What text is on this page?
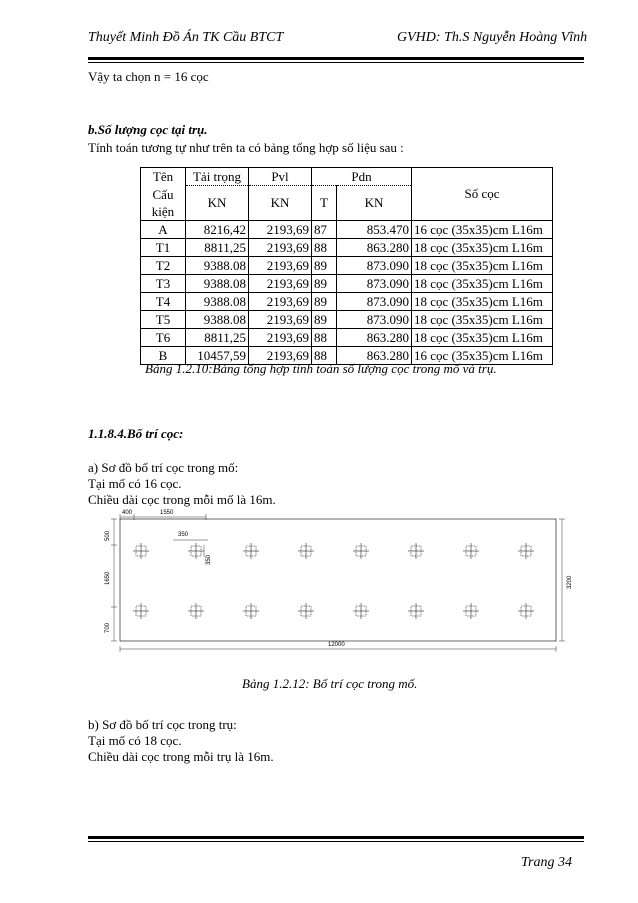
Thuyết Minh Đồ Án TK Cầu BTCT	GVHD: Th.S Nguyễn Hoàng Vĩnh
Vậy ta chọn n = 16 cọc
b.Số lượng cọc tại trụ.
Tính toán tương tự như trên ta có bảng tổng hợp số liệu sau :
Tên	Tải trọng	Pvl	Pdn		Số cọc
Cấu	KN	KN	T	KN	
kiện					
A	8216,42	2193,69	87	853.470	16 cọc (35x35)cm L16m
T1	8811,25	2193,69	88	863.280	18 cọc (35x35)cm L16m
T2	9388.08	2193,69	89	873.090	18 cọc (35x35)cm L16m
T3	9388.08	2193,69	89	873.090	18 cọc (35x35)cm L16m
T4	9388.08	2193,69	89	873.090	18 cọc (35x35)cm L16m
T5	9388.08	2193,69	89	873.090	18 cọc (35x35)cm L16m
T6	8811,25	2193,69	88	863.280	18 cọc (35x35)cm L16m
B	10457,59	2193,69	88	863.280	16 cọc (35x35)cm L16m
Bảng 1.2.10:Bảng tổng hợp tính toán số lượng cọc trong mố và trụ.
1.1.8.4.Bố trí cọc:
a) Sơ đồ bố trí cọc trong mố:
Tại mố có 16 cọc.
Chiều dài cọc trong mỗi mố là 16m.
400	1550
350
350
500
1650
700
3200
12000
Bảng 1.2.12: Bố trí cọc trong mố.
b) Sơ đồ bố trí cọc trong trụ:
Tại mố có 18 cọc.
Chiều dài cọc trong mỗi trụ là 16m.
Trang 34
